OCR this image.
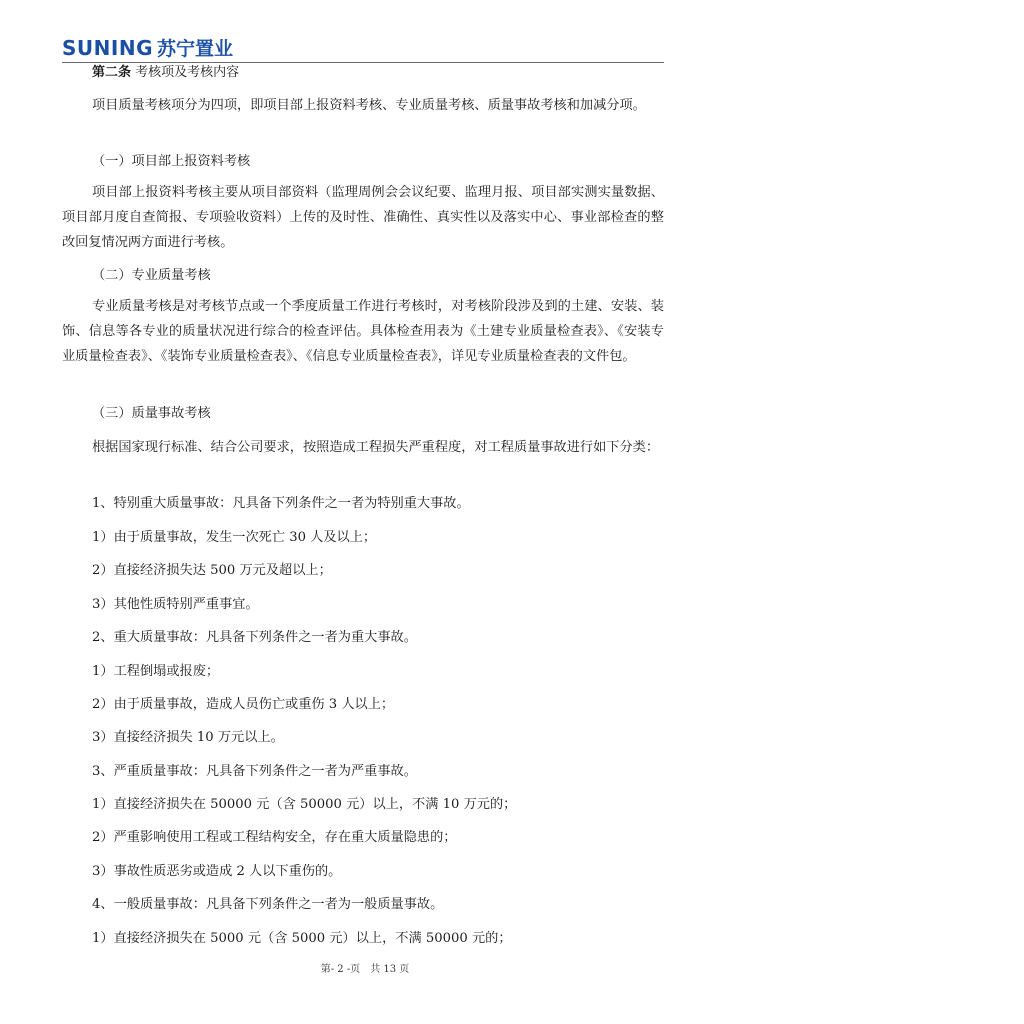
SUNING 苏宁置业
第二条 考核项及考核内容
项目质量考核项分为四项，即项目部上报资料考核、专业质量考核、质量事故考核和加减分项。
（一）项目部上报资料考核
项目部上报资料考核主要从项目部资料（监理周例会会议纪要、监理月报、项目部实测实量数据、项目部月度自查简报、专项验收资料）上传的及时性、准确性、真实性以及落实中心、事业部检查的整改回复情况两方面进行考核。
（二）专业质量考核
专业质量考核是对考核节点或一个季度质量工作进行考核时，对考核阶段涉及到的土建、安装、装饰、信息等各专业的质量状况进行综合的检查评估。具体检查用表为《土建专业质量检查表》、《安装专业质量检查表》、《装饰专业质量检查表》、《信息专业质量检查表》，详见专业质量检查表的文件包。
（三）质量事故考核
根据国家现行标准、结合公司要求，按照造成工程损失严重程度，对工程质量事故进行如下分类：
1、特别重大质量事故：凡具备下列条件之一者为特别重大事故。
1）由于质量事故，发生一次死亡 30 人及以上；
2）直接经济损失达 500 万元及超以上；
3）其他性质特别严重事宜。
2、重大质量事故：凡具备下列条件之一者为重大事故。
1）工程倒塌或报废；
2）由于质量事故，造成人员伤亡或重伤 3 人以上；
3）直接经济损失 10 万元以上。
3、严重质量事故：凡具备下列条件之一者为严重事故。
1）直接经济损失在 50000 元（含 50000 元）以上，不满 10 万元的；
2）严重影响使用工程或工程结构安全，存在重大质量隐患的；
3）事故性质恶劣或造成 2 人以下重伤的。
4、一般质量事故：凡具备下列条件之一者为一般质量事故。
1）直接经济损失在 5000 元（含 5000 元）以上，不满 50000 元的；
第- 2 -页　共 13 页
